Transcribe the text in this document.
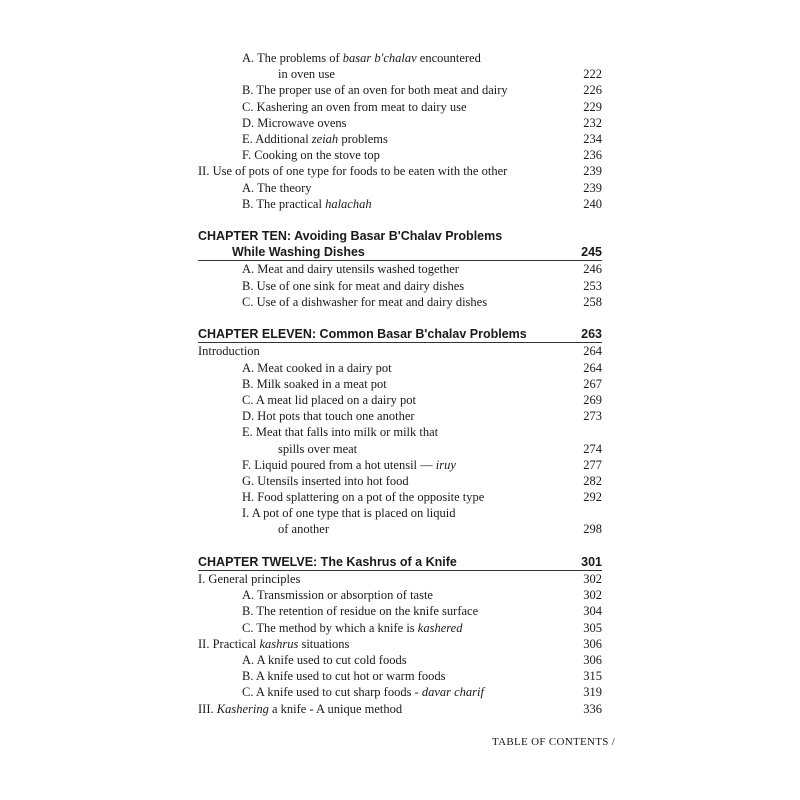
A. The problems of basar b'chalav encountered
in oven use	222
B. The proper use of an oven for both meat and dairy	226
C. Kashering an oven from meat to dairy use	229
D. Microwave ovens	232
E. Additional zeiah problems	234
F. Cooking on the stove top	236
II. Use of pots of one type for foods to be eaten with the other	239
A. The theory	239
B. The practical halachah	240
CHAPTER TEN: Avoiding Basar B'Chalav Problems
While Washing Dishes	245
A. Meat and dairy utensils washed together	246
B. Use of one sink for meat and dairy dishes	253
C. Use of a dishwasher for meat and dairy dishes	258
CHAPTER ELEVEN: Common Basar B'chalav Problems	263
Introduction	264
A. Meat cooked in a dairy pot	264
B. Milk soaked in a meat pot	267
C. A meat lid placed on a dairy pot	269
D. Hot pots that touch one another	273
E. Meat that falls into milk or milk that
spills over meat	274
F. Liquid poured from a hot utensil — iruy	277
G. Utensils inserted into hot food	282
H. Food splattering on a pot of the opposite type	292
I. A pot of one type that is placed on liquid
of another	298
CHAPTER TWELVE: The Kashrus of a Knife	301
I. General principles	302
A. Transmission or absorption of taste	302
B. The retention of residue on the knife surface	304
C. The method by which a knife is kashered	305
II. Practical kashrus situations	306
A. A knife used to cut cold foods	306
B. A knife used to cut hot or warm foods	315
C. A knife used to cut sharp foods - davar charif	319
III. Kashering a knife - A unique method	336
TABLE OF CONTENTS /
